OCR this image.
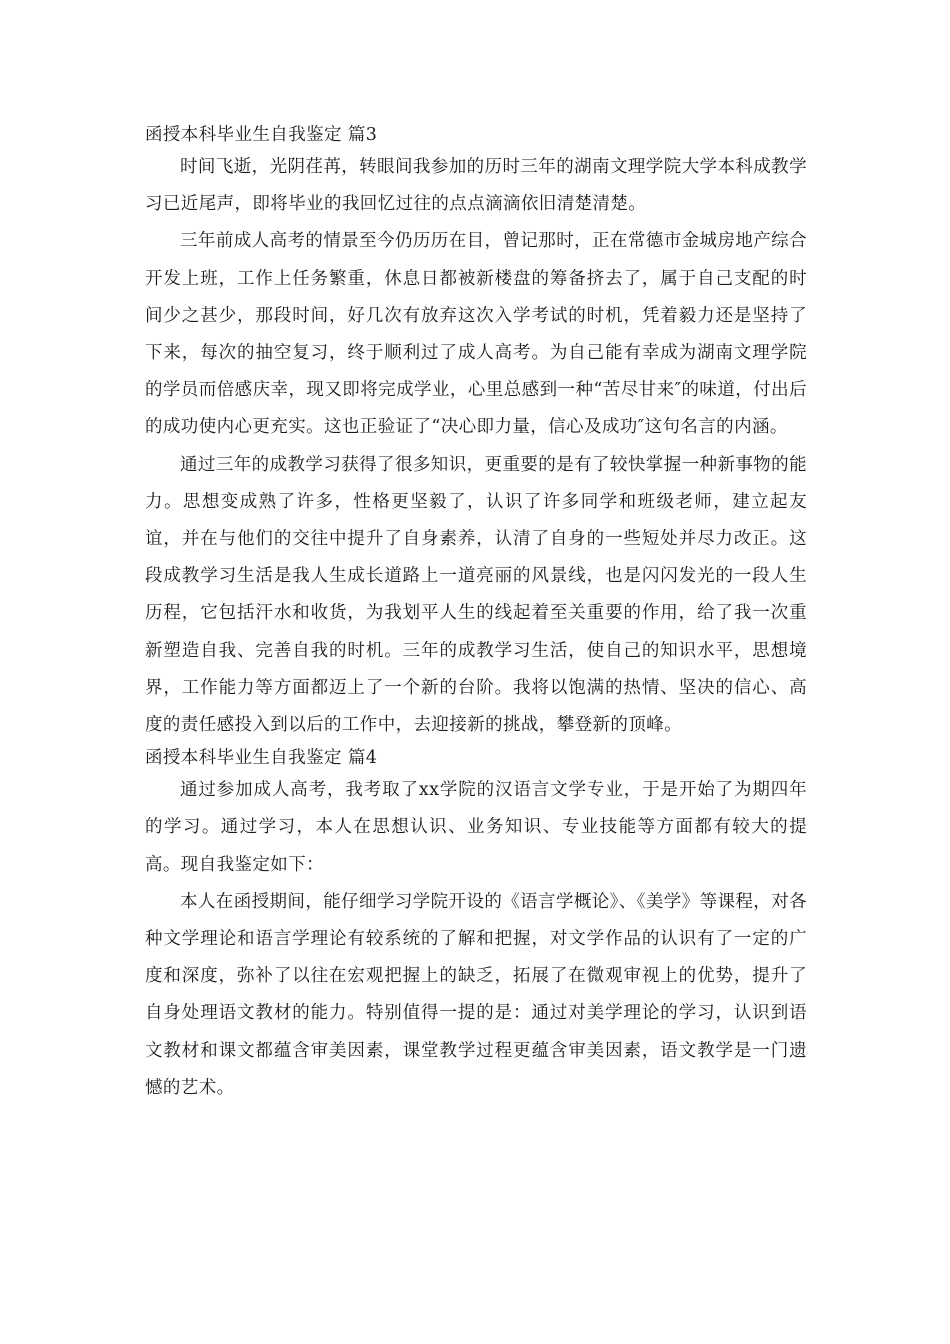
函授本科毕业生自我鉴定 篇3

时间飞逝，光阴荏苒，转眼间我参加的历时三年的湖南文理学院大学本科成教学习已近尾声，即将毕业的我回忆过往的点点滴滴依旧清楚清楚。

三年前成人高考的情景至今仍历历在目，曾记那时，正在常德市金城房地产综合开发上班，工作上任务繁重，休息日都被新楼盘的筹备挤去了，属于自己支配的时间少之甚少，那段时间，好几次有放弃这次入学考试的时机，凭着毅力还是坚持了下来，每次的抽空复习，终于顺利过了成人高考。为自己能有幸成为湖南文理学院的学员而倍感庆幸，现又即将完成学业，心里总感到一种“苦尽甘来″的味道，付出后的成功使内心更充实。这也正验证了“决心即力量，信心及成功″这句名言的内涵。

通过三年的成教学习获得了很多知识，更重要的是有了较快掌握一种新事物的能力。思想变成熟了许多，性格更坚毅了，认识了许多同学和班级老师，建立起友谊，并在与他们的交往中提升了自身素养，认清了自身的一些短处并尽力改正。这段成教学习生活是我人生成长道路上一道亮丽的风景线，也是闪闪发光的一段人生历程，它包括汗水和收货，为我划平人生的线起着至关重要的作用，给了我一次重新塑造自我、完善自我的时机。三年的成教学习生活，使自己的知识水平，思想境界，工作能力等方面都迈上了一个新的台阶。我将以饱满的热情、坚决的信心、高度的责任感投入到以后的工作中，去迎接新的挑战，攀登新的顶峰。

函授本科毕业生自我鉴定 篇4

通过参加成人高考，我考取了xx学院的汉语言文学专业，于是开始了为期四年的学习。通过学习，本人在思想认识、业务知识、专业技能等方面都有较大的提高。现自我鉴定如下：

本人在函授期间，能仔细学习学院开设的《语言学概论》、《美学》等课程，对各种文学理论和语言学理论有较系统的了解和把握，对文学作品的认识有了一定的广度和深度，弥补了以往在宏观把握上的缺乏，拓展了在微观审视上的优势，提升了自身处理语文教材的能力。特别值得一提的是：通过对美学理论的学习，认识到语文教材和课文都蕴含审美因素，课堂教学过程更蕴含审美因素，语文教学是一门遗憾的艺术。
